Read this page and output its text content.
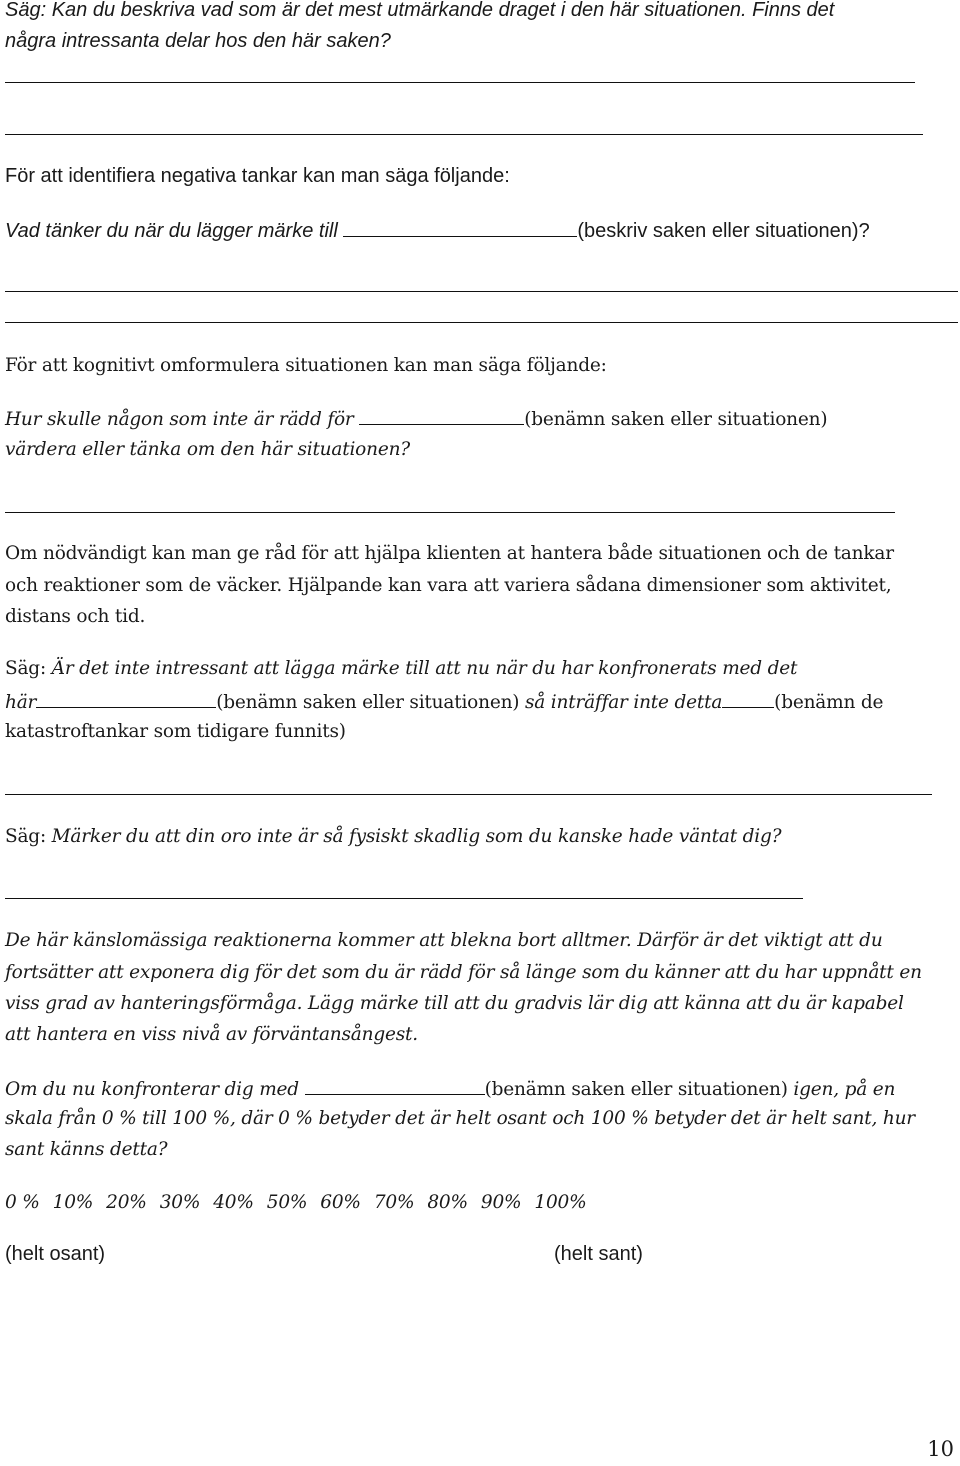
Säg: Kan du beskriva vad som är det mest utmärkande draget i den här situationen. Finns det
några intressanta delar hos den här saken?
För att identifiera negativa tankar kan man säga följande:
Vad tänker du när du lägger märke till	(beskriv saken eller situationen)?
För att kognitivt omformulera situationen kan man säga följande:
Hur skulle någon som inte är rädd för	(benämn saken eller situationen)
värdera eller tänka om den här situationen?
Om nödvändigt kan man ge råd för att hjälpa klienten at hantera både situationen och de tankar
och reaktioner som de väcker. Hjälpande kan vara att variera sådana dimensioner som aktivitet,
distans och tid.
Säg: Är det inte intressant att lägga märke till att nu när du har konfronerats med det
här	(benämn saken eller situationen) så inträffar inte detta	(benämn de
katastroftankar som tidigare funnits)
Säg: Märker du att din oro inte är så fysiskt skadlig som du kanske hade väntat dig?
De här känslomässiga reaktionerna kommer att blekna bort alltmer. Därför är det viktigt att du
fortsätter att exponera dig för det som du är rädd för så länge som du känner att du har uppnått en
viss grad av hanteringsförmåga. Lägg märke till att du gradvis lär dig att känna att du är kapabel
att hantera en viss nivå av förväntansångest.
Om du nu konfronterar dig med	(benämn saken eller situationen) igen, på en
skala från 0 % till 100 %, där 0 % betyder det är helt osant och 100 % betyder det är helt sant, hur
sant känns detta?
0 % 10% 20% 30% 40% 50% 60% 70% 80% 90% 100%
(helt osant)	(helt sant)
10
